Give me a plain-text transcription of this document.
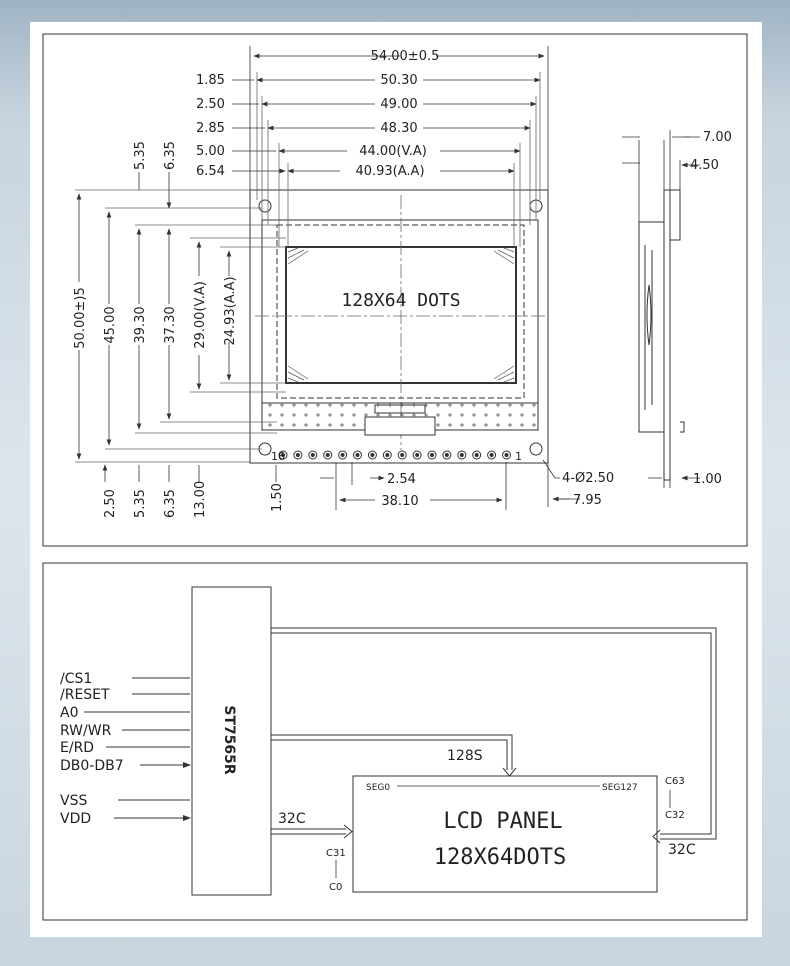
54.00±0.5
50.30
49.00
48.30
44.00(V.A)
40.93(A.A)
1.85
2.50
2.85
5.00
6.54
5.35 6.35
50.00±)5 45.00 39.30 37.30 29.00(V.A) 24.93(A.A)
2.50 5.35 6.35 13.00	1.50
2.54
38.10
16	1
4-Ø2.50
7.95
128X64 DOTS
7.00
4.50
1.00
ST7565R
/CS1
/RESET
A0
RW/WR
E/RD
DB0-DB7
VSS
VDD
128S
32C
32C
SEG0	SEG127
C63
C32
C31
C0
LCD PANEL
128X64DOTS
